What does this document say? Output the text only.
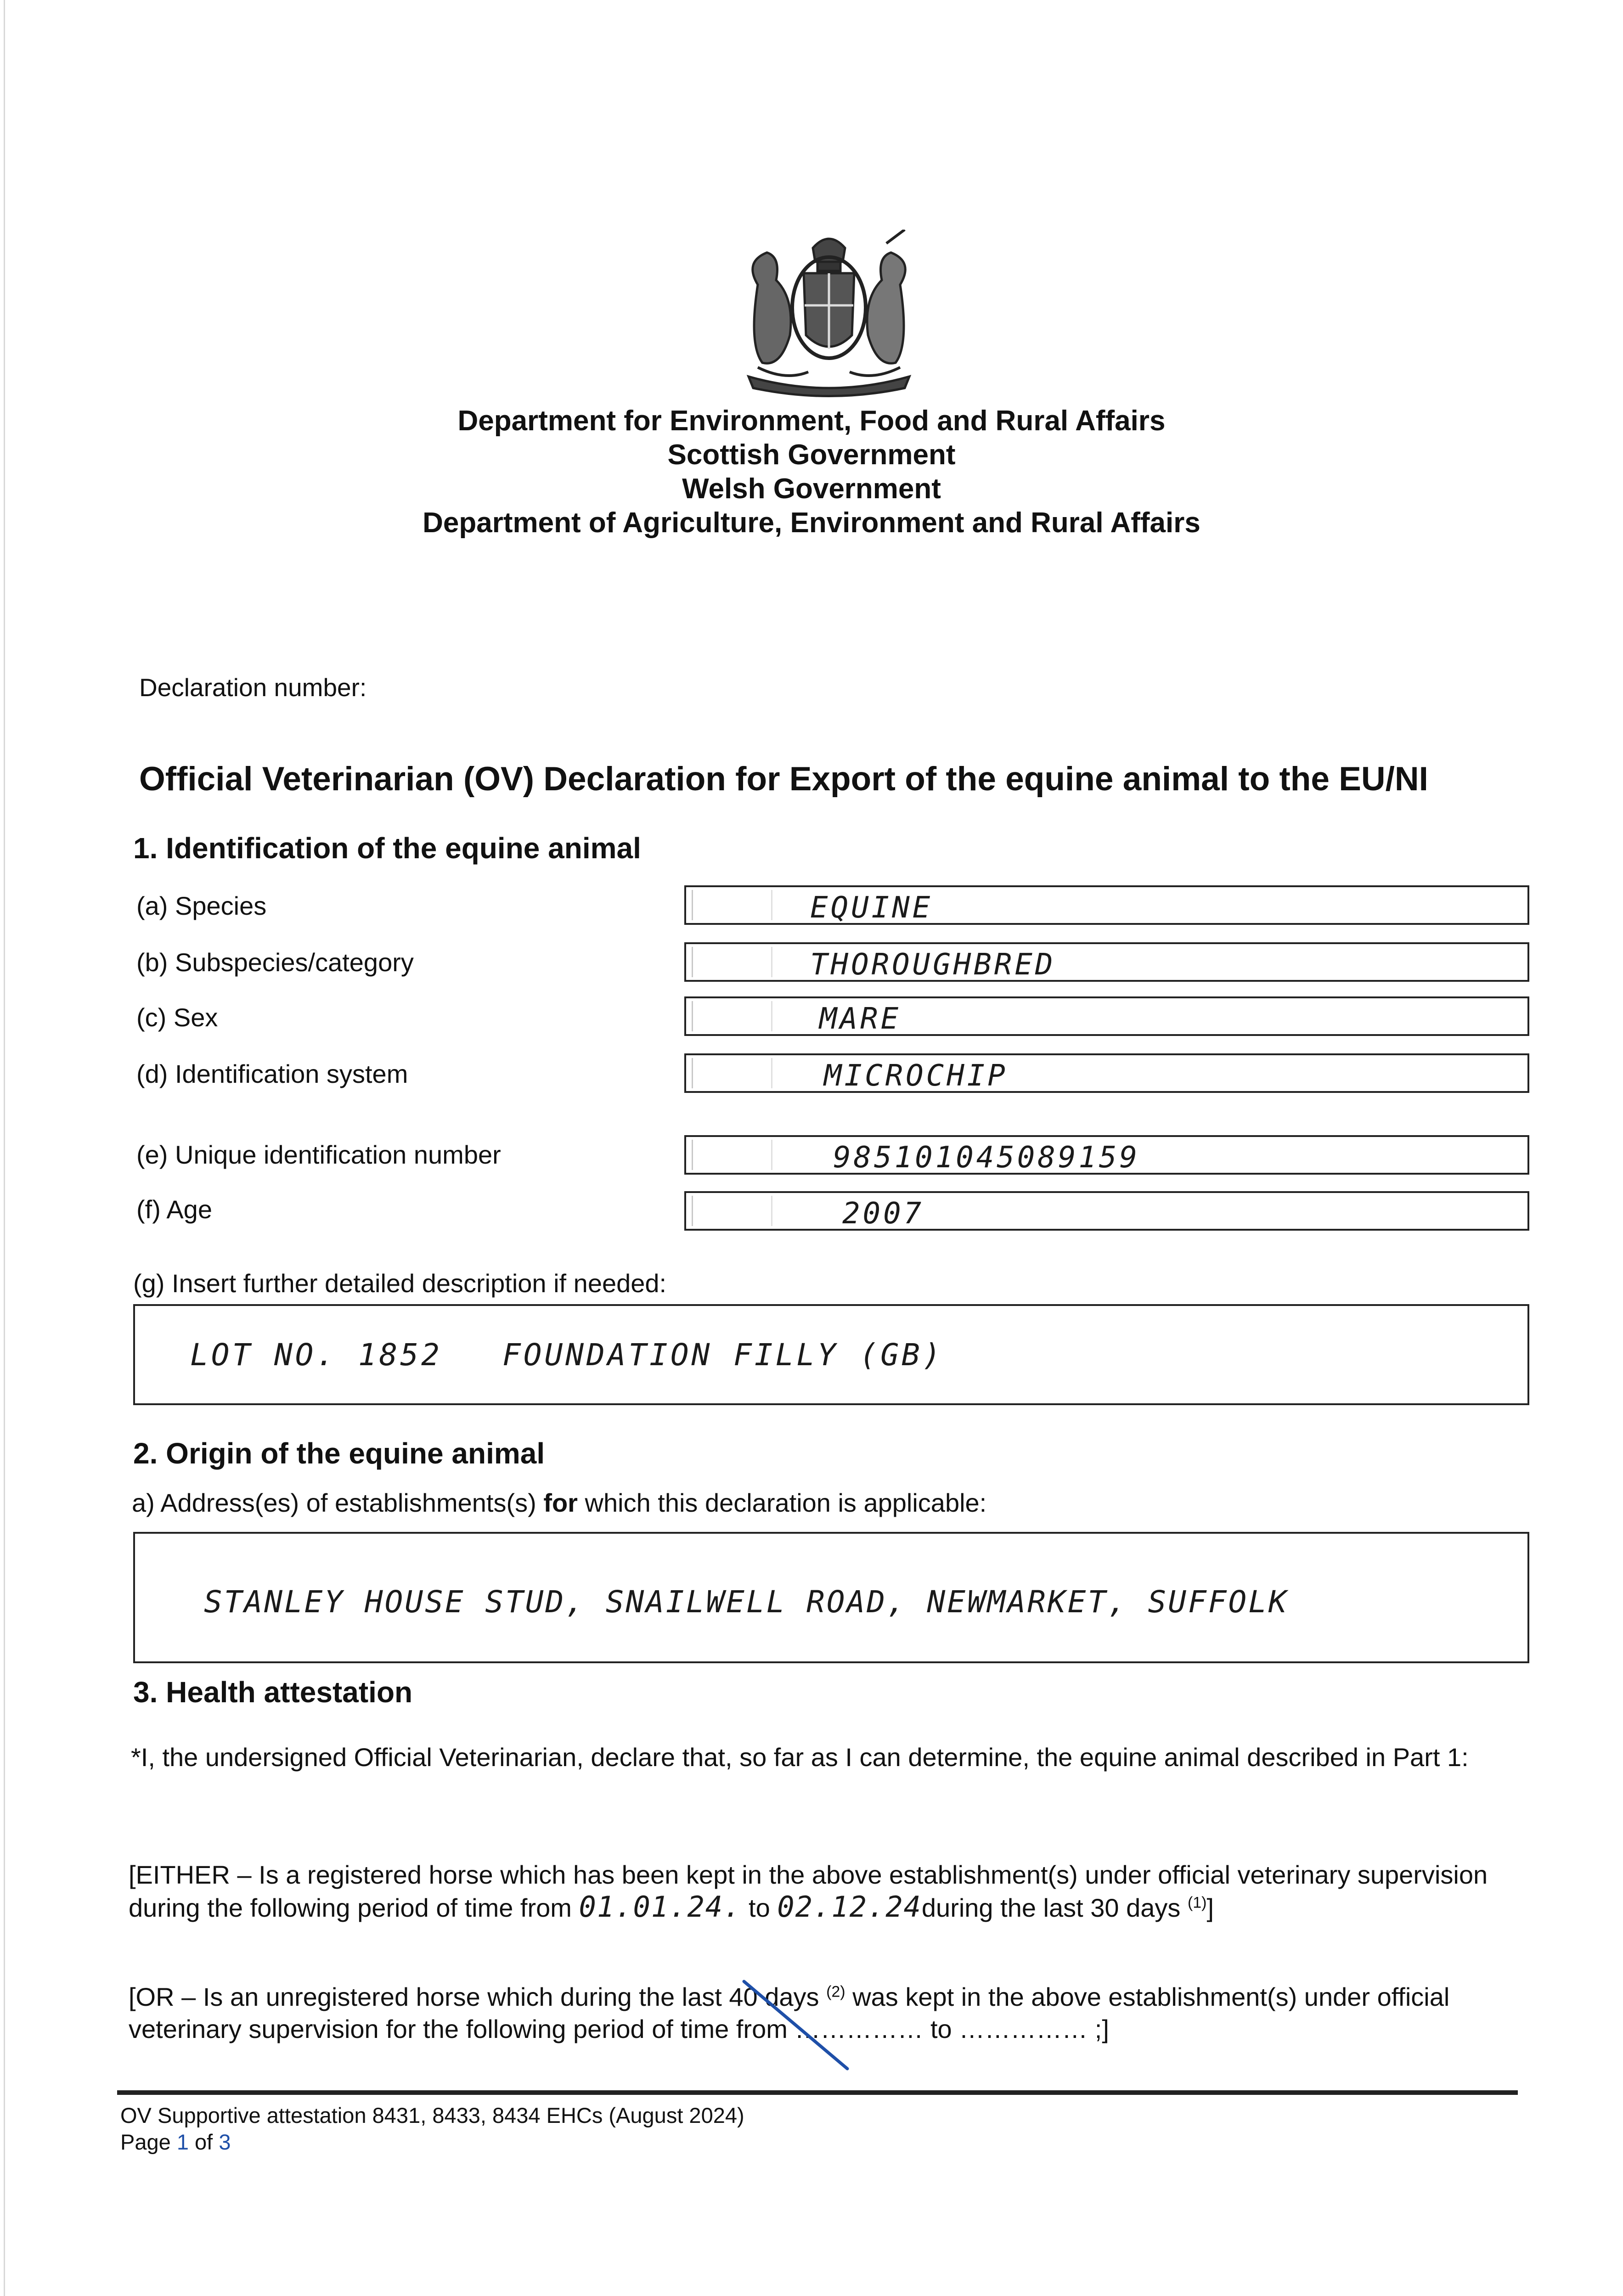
Department for Environment, Food and Rural Affairs
Scottish Government
Welsh Government
Department of Agriculture, Environment and Rural Affairs
Declaration number:
Official Veterinarian (OV) Declaration for Export of the equine animal to the EU/NI
1. Identification of the equine animal
(a) Species	EQUINE
(b) Subspecies/category	THOROUGHBRED
(c) Sex	MARE
(d) Identification system	MICROCHIP
(e) Unique identification number	985101045089159
(f) Age	2007
(g) Insert further detailed description if needed:
LOT NO. 1852 FOUNDATION FILLY (GB)
2. Origin of the equine animal
a) Address(es) of establishments(s) for which this declaration is applicable:
STANLEY HOUSE STUD, SNAILWELL ROAD, NEWMARKET, SUFFOLK
3. Health attestation
*I, the undersigned Official Veterinarian, declare that, so far as I can determine, the equine animal described in Part 1:
[EITHER – Is a registered horse which has been kept in the above establishment(s) under official veterinary supervision during the following period of time from 01.01.24. to 02.12.24during the last 30 days $^{(1)}$]
[OR – Is an unregistered horse which during the last 40 days $^{(2)}$ was kept in the above establishment(s) under official veterinary supervision for the following period of time from …………… to …………… ;]
OV Supportive attestation 8431, 8433, 8434 EHCs (August 2024)
Page 1 of 3
